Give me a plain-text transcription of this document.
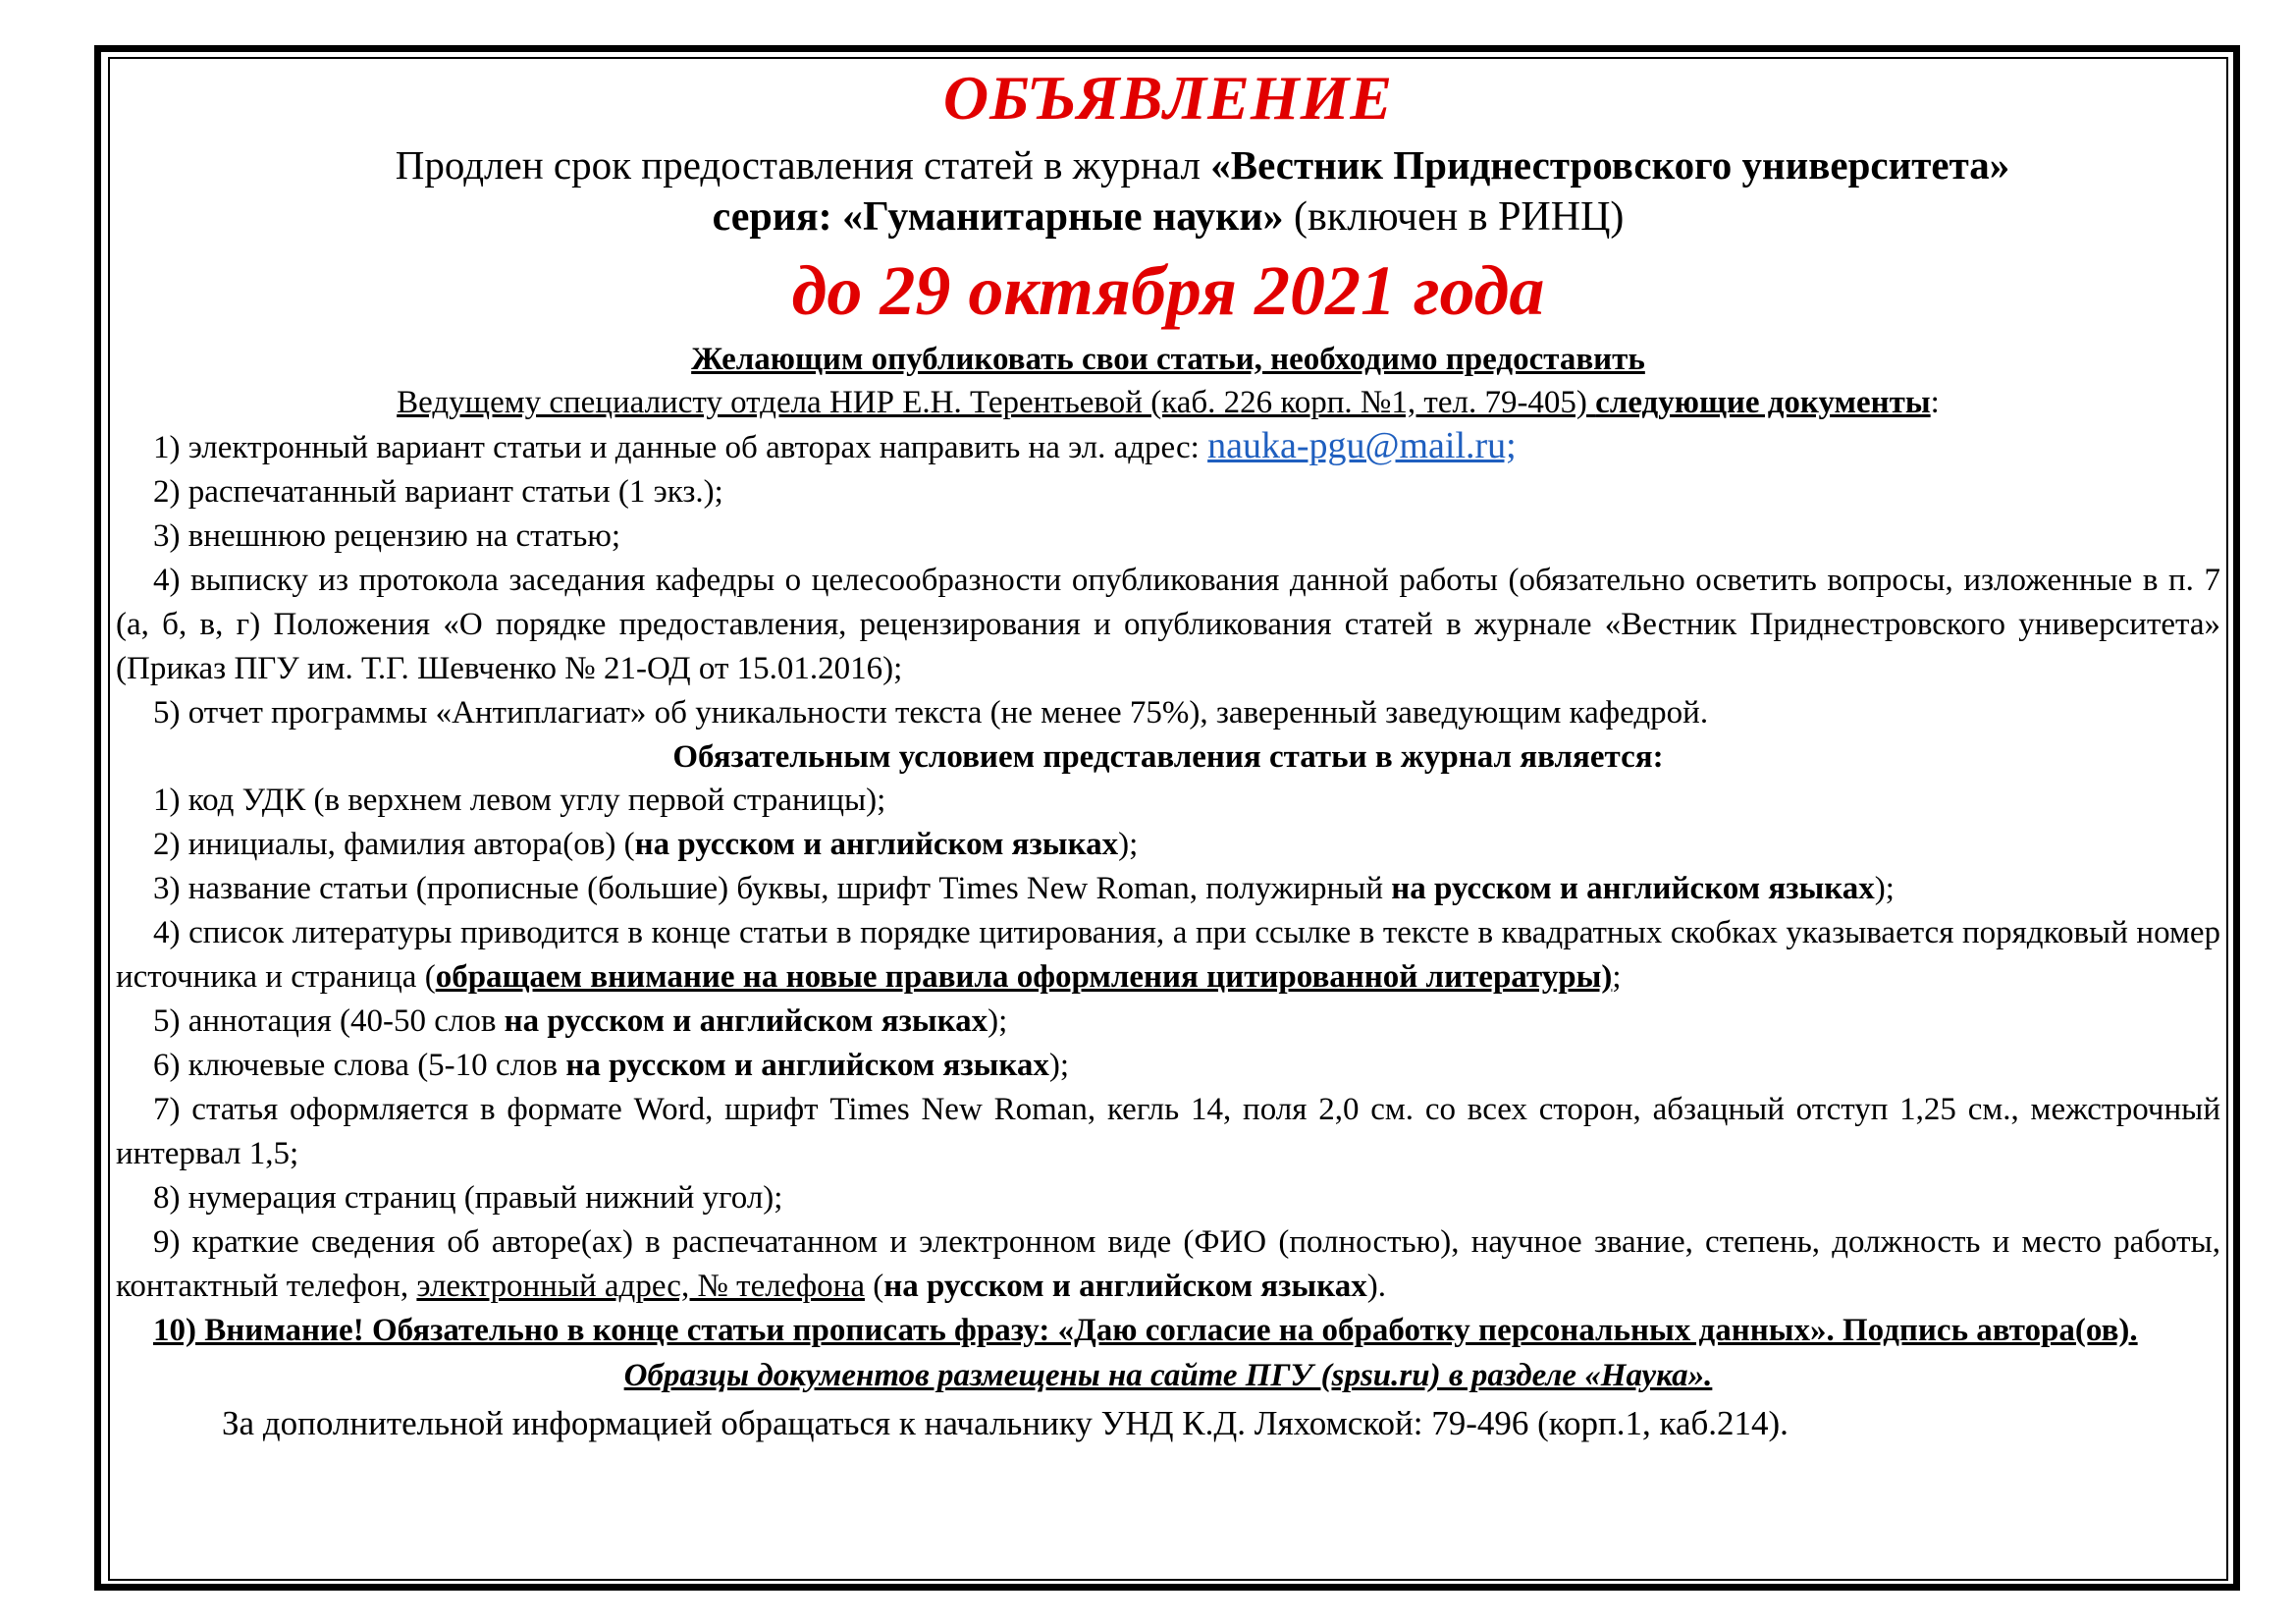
ОБЪЯВЛЕНИЕ
Продлен срок предоставления статей в журнал «Вестник Приднестровского университета»
серия: «Гуманитарные науки» (включен в РИНЦ)
до 29 октября 2021 года
Желающим опубликовать свои статьи, необходимо предоставить
Ведущему специалисту отдела НИР Е.Н. Терентьевой (каб. 226 корп. №1, тел. 79-405) следующие документы:

1) электронный вариант статьи и данные об авторах направить на эл. адрес: nauka-pgu@mail.ru;

2) распечатанный вариант статьи (1 экз.);

3) внешнюю рецензию на статью;

4) выписку из протокола заседания кафедры о целесообразности опубликования данной работы (обязательно осветить вопросы, изложенные в п. 7 (а, б, в, г) Положения «О порядке предоставления, рецензирования и опубликования статей в журнале «Вестник Приднестровского университета» (Приказ ПГУ им. Т.Г. Шевченко № 21-ОД от 15.01.2016);

5) отчет программы «Антиплагиат» об уникальности текста (не менее 75%), заверенный заведующим кафедрой.

Обязательным условием представления статьи в журнал является:

1) код УДК (в верхнем левом углу первой страницы);

2) инициалы, фамилия автора(ов) (на русском и английском языках);

3) название статьи (прописные (большие) буквы, шрифт Times New Roman, полужирный на русском и английском языках);

4) список литературы приводится в конце статьи в порядке цитирования, а при ссылке в тексте в квадратных скобках указывается порядковый номер источника и страница (обращаем внимание на новые правила оформления цитированной литературы);

5) аннотация (40-50 слов на русском и английском языках);

6) ключевые слова (5-10 слов на русском и английском языках);

7) статья оформляется в формате Word, шрифт Times New Roman, кегль 14, поля 2,0 см. со всех сторон, абзацный отступ 1,25 см., межстрочный интервал 1,5;

8) нумерация страниц (правый нижний угол);

9) краткие сведения об авторе(ах) в распечатанном и электронном виде (ФИО (полностью), научное звание, степень, должность и место работы, контактный телефон, электронный адрес, № телефона (на русском и английском языках).

10) Внимание! Обязательно в конце статьи прописать фразу: «Даю согласие на обработку персональных данных». Подпись автора(ов).

Образцы документов размещены на сайте ПГУ (spsu.ru) в разделе «Наука».
За дополнительной информацией обращаться к начальнику УНД К.Д. Ляхомской: 79-496 (корп.1, каб.214).
